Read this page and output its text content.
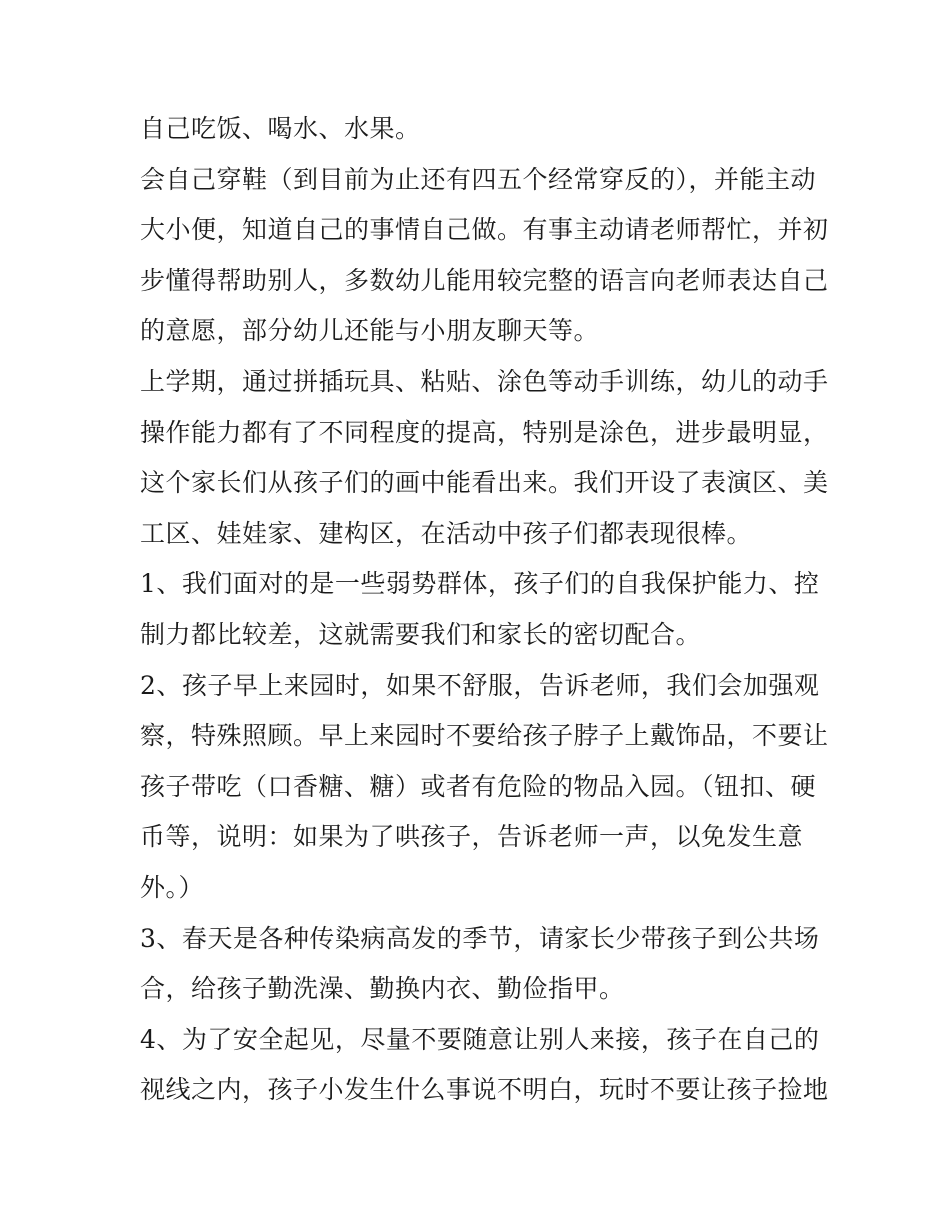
自己吃饭、喝水、水果。
会自己穿鞋（到目前为止还有四五个经常穿反的），并能主动
大小便，知道自己的事情自己做。有事主动请老师帮忙，并初
步懂得帮助别人，多数幼儿能用较完整的语言向老师表达自己
的意愿，部分幼儿还能与小朋友聊天等。
上学期，通过拼插玩具、粘贴、涂色等动手训练，幼儿的动手
操作能力都有了不同程度的提高，特别是涂色，进步最明显，
这个家长们从孩子们的画中能看出来。我们开设了表演区、美
工区、娃娃家、建构区，在活动中孩子们都表现很棒。
1、我们面对的是一些弱势群体，孩子们的自我保护能力、控
制力都比较差，这就需要我们和家长的密切配合。
2、孩子早上来园时，如果不舒服，告诉老师，我们会加强观
察，特殊照顾。早上来园时不要给孩子脖子上戴饰品，不要让
孩子带吃（口香糖、糖）或者有危险的物品入园。（钮扣、硬
币等，说明：如果为了哄孩子，告诉老师一声，以免发生意
外。）
3、春天是各种传染病高发的季节，请家长少带孩子到公共场
合，给孩子勤洗澡、勤换内衣、勤俭指甲。
4、为了安全起见，尽量不要随意让别人来接，孩子在自己的
视线之内，孩子小发生什么事说不明白，玩时不要让孩子捡地
